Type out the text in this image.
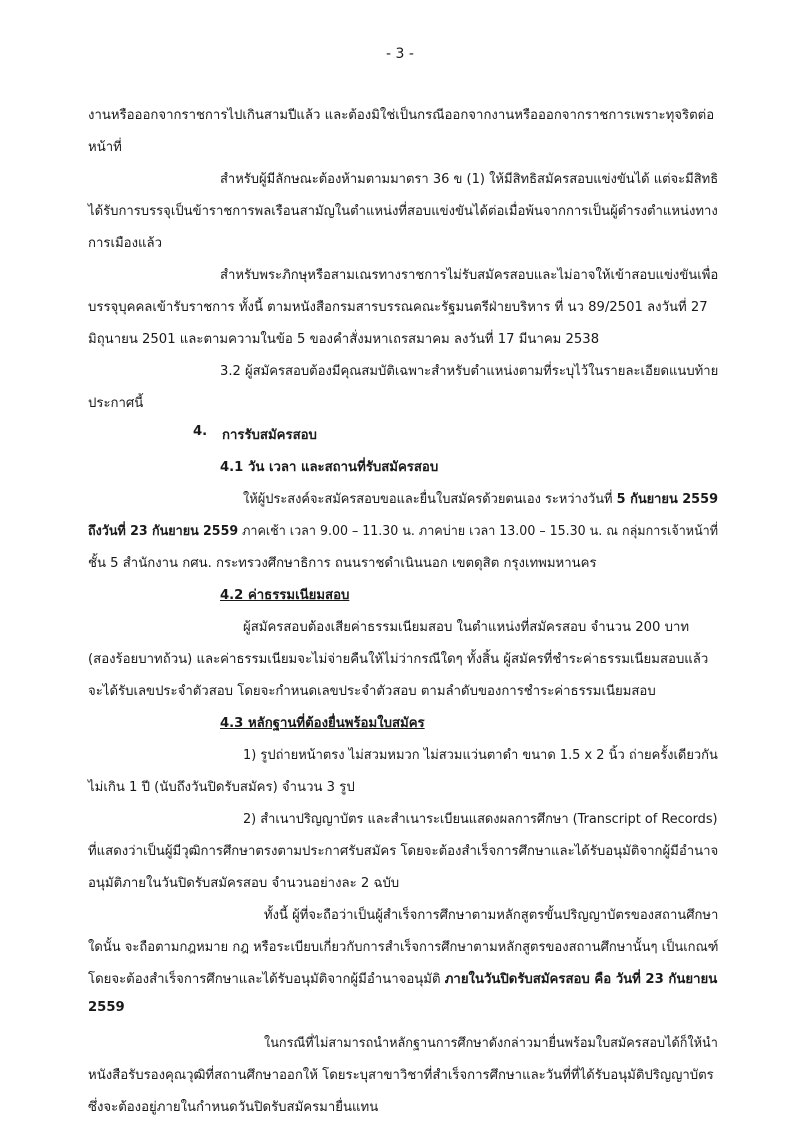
- 3 -
งานหรือออกจากราชการไปเกินสามปีแล้ว และต้องมิใช่เป็นกรณีออกจากงานหรือออกจากราชการเพราะทุจริตต่อ
หน้าที่
สำหรับผู้มีลักษณะต้องห้ามตามมาตรา 36 ข (1) ให้มีสิทธิสมัครสอบแข่งขันได้ แต่จะมีสิทธิ
ได้รับการบรรจุเป็นข้าราชการพลเรือนสามัญในตำแหน่งที่สอบแข่งขันได้ต่อเมื่อพ้นจากการเป็นผู้ดำรงตำแหน่งทาง
การเมืองแล้ว
สำหรับพระภิกษุหรือสามเณรทางราชการไม่รับสมัครสอบและไม่อาจให้เข้าสอบแข่งขันเพื่อ
บรรจุบุคคลเข้ารับราชการ ทั้งนี้ ตามหนังสือกรมสารบรรณคณะรัฐมนตรีฝ่ายบริหาร ที่ นว 89/2501 ลงวันที่ 27
มิถุนายน 2501 และตามความในข้อ 5 ของคำสั่งมหาเถรสมาคม ลงวันที่ 17 มีนาคม 2538
3.2 ผู้สมัครสอบต้องมีคุณสมบัติเฉพาะสำหรับตำแหน่งตามที่ระบุไว้ในรายละเอียดแนบท้าย
ประกาศนี้
4. การรับสมัครสอบ
4.1 วัน เวลา และสถานที่รับสมัครสอบ
ให้ผู้ประสงค์จะสมัครสอบขอและยื่นใบสมัครด้วยตนเอง ระหว่างวันที่ 5 กันยายน 2559
ถึงวันที่ 23 กันยายน 2559 ภาคเช้า เวลา 9.00 – 11.30 น. ภาคบ่าย เวลา 13.00 – 15.30 น. ณ กลุ่มการเจ้าหน้าที่
ชั้น 5 สำนักงาน กศน. กระทรวงศึกษาธิการ ถนนราชดำเนินนอก เขตดุสิต กรุงเทพมหานคร
4.2 ค่าธรรมเนียมสอบ
ผู้สมัครสอบต้องเสียค่าธรรมเนียมสอบ ในตำแหน่งที่สมัครสอบ จำนวน 200 บาท
(สองร้อยบาทถ้วน) และค่าธรรมเนียมจะไม่จ่ายคืนให้ไม่ว่ากรณีใดๆ ทั้งสิ้น ผู้สมัครที่ชำระค่าธรรมเนียมสอบแล้ว
จะได้รับเลขประจำตัวสอบ โดยจะกำหนดเลขประจำตัวสอบ ตามลำดับของการชำระค่าธรรมเนียมสอบ
4.3 หลักฐานที่ต้องยื่นพร้อมใบสมัคร
1) รูปถ่ายหน้าตรง ไม่สวมหมวก ไม่สวมแว่นตาดำ ขนาด 1.5 x 2 นิ้ว ถ่ายครั้งเดียวกัน
ไม่เกิน 1 ปี (นับถึงวันปิดรับสมัคร) จำนวน 3 รูป
2) สำเนาปริญญาบัตร และสำเนาระเบียนแสดงผลการศึกษา (Transcript of Records)
ที่แสดงว่าเป็นผู้มีวุฒิการศึกษาตรงตามประกาศรับสมัคร โดยจะต้องสำเร็จการศึกษาและได้รับอนุมัติจากผู้มีอำนาจ
อนุมัติภายในวันปิดรับสมัครสอบ จำนวนอย่างละ 2 ฉบับ
ทั้งนี้ ผู้ที่จะถือว่าเป็นผู้สำเร็จการศึกษาตามหลักสูตรขั้นปริญญาบัตรของสถานศึกษา
ใดนั้น จะถือตามกฎหมาย กฎ หรือระเบียบเกี่ยวกับการสำเร็จการศึกษาตามหลักสูตรของสถานศึกษานั้นๆ เป็นเกณฑ์
โดยจะต้องสำเร็จการศึกษาและได้รับอนุมัติจากผู้มีอำนาจอนุมัติ ภายในวันปิดรับสมัครสอบ คือ วันที่ 23 กันยายน
2559
ในกรณีที่ไม่สามารถนำหลักฐานการศึกษาดังกล่าวมายื่นพร้อมใบสมัครสอบได้ก็ให้นำ
หนังสือรับรองคุณวุฒิที่สถานศึกษาออกให้ โดยระบุสาขาวิชาที่สำเร็จการศึกษาและวันที่ที่ได้รับอนุมัติปริญญาบัตร
ซึ่งจะต้องอยู่ภายในกำหนดวันปิดรับสมัครมายื่นแทน
